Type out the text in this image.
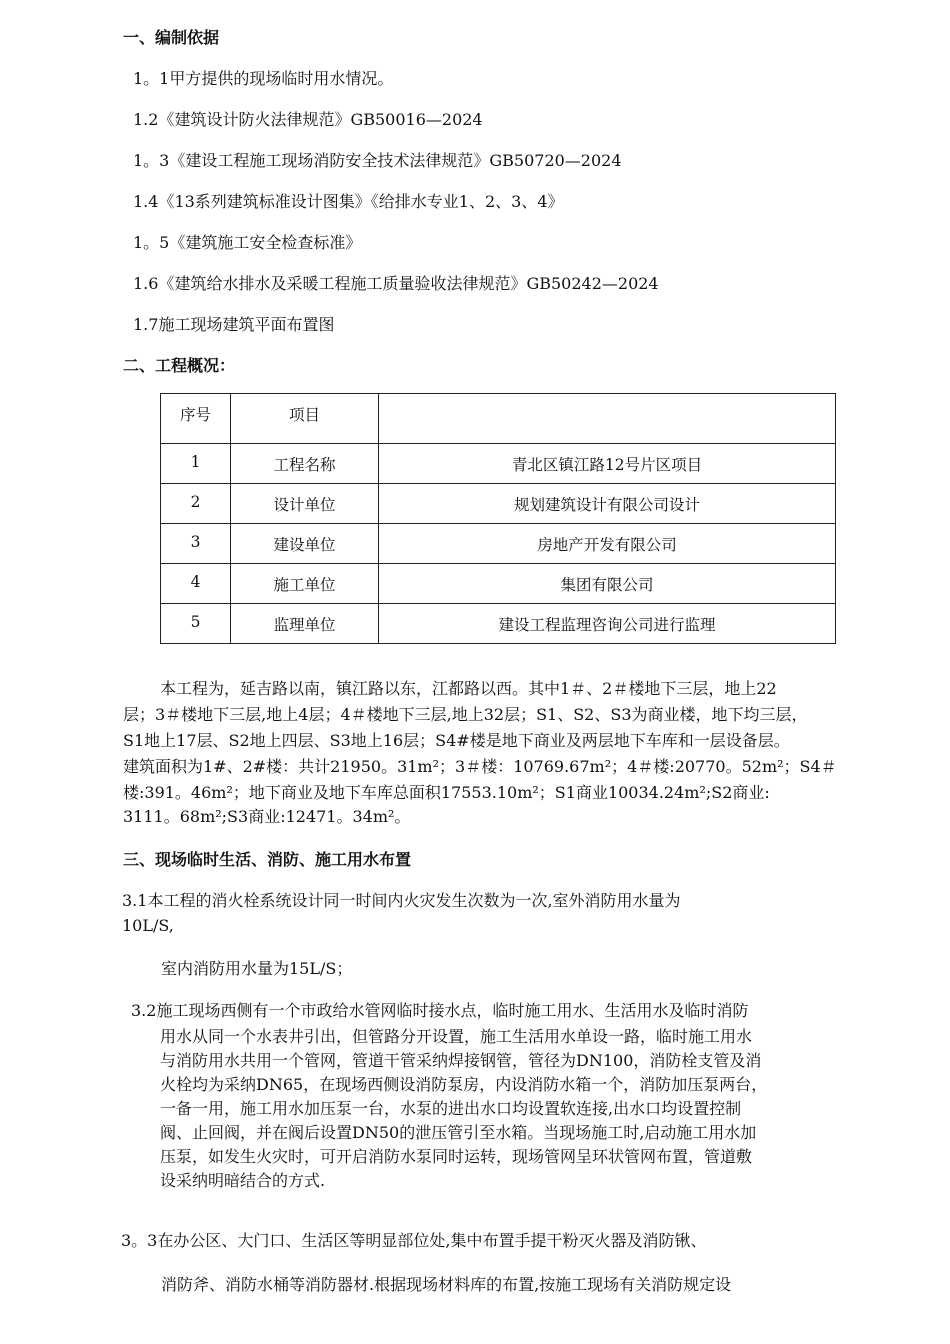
一、编制依据
1。1甲方提供的现场临时用水情况。
1.2《建筑设计防火法律规范》GB50016—2024
1。3《建设工程施工现场消防安全技术法律规范》GB50720—2024
1.4《13系列建筑标准设计图集》《给排水专业1、2、3、4》
1。5《建筑施工安全检查标准》
1.6《建筑给水排水及采暖工程施工质量验收法律规范》GB50242—2024
1.7施工现场建筑平面布置图
二、工程概况：
序号	项目	
1	工程名称	青北区镇江路12号片区项目
2	设计单位	规划建筑设计有限公司设计
3	建设单位	房地产开发有限公司
4	施工单位	集团有限公司
5	监理单位	建设工程监理咨询公司进行监理
本工程为，延吉路以南，镇江路以东，江都路以西。其中1＃、2＃楼地下三层，地上22
层；3＃楼地下三层,地上4层；4＃楼地下三层,地上32层；S1、S2、S3为商业楼，地下均三层，
S1地上17层、S2地上四层、S3地上16层；S4#楼是地下商业及两层地下车库和一层设备层。
建筑面积为1#、2#楼：共计21950。31m²；3＃楼：10769.67m²；4＃楼:20770。52m²；S4＃
楼:391。46m²；地下商业及地下车库总面积17553.10m²；S1商业10034.24m²;S2商业:
3111。68m²;S3商业:12471。34m²。
三、现场临时生活、消防、施工用水布置
3.1本工程的消火栓系统设计同一时间内火灾发生次数为一次,室外消防用水量为
10L/S,
室内消防用水量为15L/S；
3.2施工现场西侧有一个市政给水管网临时接水点，临时施工用水、生活用水及临时消防
用水从同一个水表井引出，但管路分开设置，施工生活用水单设一路，临时施工用水
与消防用水共用一个管网，管道干管采纳焊接钢管，管径为DN100，消防栓支管及消
火栓均为采纳DN65，在现场西侧设消防泵房，内设消防水箱一个，消防加压泵两台，
一备一用，施工用水加压泵一台，水泵的进出水口均设置软连接,出水口均设置控制
阀、止回阀，并在阀后设置DN50的泄压管引至水箱。当现场施工时,启动施工用水加
压泵，如发生火灾时，可开启消防水泵同时运转，现场管网呈环状管网布置，管道敷
设采纳明暗结合的方式.
3。3在办公区、大门口、生活区等明显部位处,集中布置手提干粉灭火器及消防锹、
消防斧、消防水桶等消防器材.根据现场材料库的布置,按施工现场有关消防规定设
